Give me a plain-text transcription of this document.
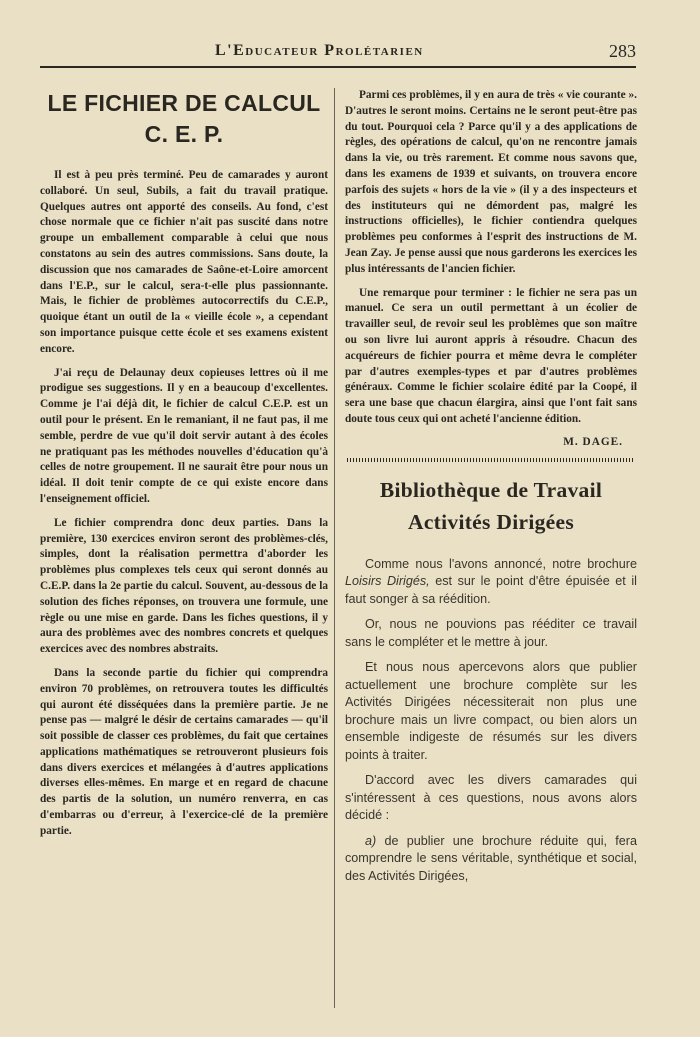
L'Educateur Prolétarien	283
LE FICHIER DE CALCUL
C. E. P.

Il est à peu près terminé. Peu de camarades y auront collaboré. Un seul, Subils, a fait du travail pratique. Quelques autres ont apporté des conseils. Au fond, c'est chose normale que ce fichier n'ait pas suscité dans notre groupe un emballement comparable à celui que nous constatons au sein des autres commissions. Sans doute, la discussion que nos camarades de Saône-et-Loire amorcent dans l'E.P., sur le calcul, sera-t-elle plus passionnante. Mais, le fichier de problèmes autocorrectifs du C.E.P., quoique étant un outil de la « vieille école », a cependant son importance puisque cette école et ses examens existent encore.

J'ai reçu de Delaunay deux copieuses lettres où il me prodigue ses suggestions. Il y en a beaucoup d'excellentes. Comme je l'ai déjà dit, le fichier de calcul C.E.P. est un outil pour le présent. En le remaniant, il ne faut pas, il me semble, perdre de vue qu'il doit servir autant à des écoles ne pratiquant pas les méthodes nouvelles d'éducation qu'à celles de notre groupement. Il ne saurait être pour nous un idéal. Il doit tenir compte de ce qui existe encore dans l'enseignement officiel.

Le fichier comprendra donc deux parties. Dans la première, 130 exercices environ seront des problèmes-clés, simples, dont la réalisation permettra d'aborder les problèmes plus complexes tels ceux qui seront donnés au C.E.P. dans la 2e partie du calcul. Souvent, au-dessous de la solution des fiches réponses, on trouvera une formule, une règle ou une mise en garde. Dans les fiches questions, il y aura des problèmes avec des nombres concrets et quelques exercices avec des nombres abstraits.

Dans la seconde partie du fichier qui comprendra environ 70 problèmes, on retrouvera toutes les difficultés qui auront été disséquées dans la première partie. Je ne pense pas — malgré le désir de certains camarades — qu'il soit possible de classer ces problèmes, du fait que certaines applications mathématiques se retrouveront plusieurs fois dans divers exercices et mélangées à d'autres applications diverses elles-mêmes. En marge et en regard de chacune des partis de la solution, un numéro renverra, en cas d'embarras ou d'erreur, à l'exercice-clé de la première partie.

Parmi ces problèmes, il y en aura de très « vie courante ». D'autres le seront moins. Certains ne le seront peut-être pas du tout. Pourquoi cela ? Parce qu'il y a des applications de règles, des opérations de calcul, qu'on ne rencontre jamais dans la vie, ou très rarement. Et comme nous savons que, dans les examens de 1939 et suivants, on trouvera encore parfois des sujets « hors de la vie » (il y a des inspecteurs et des instituteurs qui ne démordent pas, malgré les instructions officielles), le fichier contiendra quelques problèmes peu conformes à l'esprit des instructions de M. Jean Zay. Je pense aussi que nous garderons les exercices les plus intéressants de l'ancien fichier.

Une remarque pour terminer : le fichier ne sera pas un manuel. Ce sera un outil permettant à un écolier de travailler seul, de revoir seul les problèmes que son maître ou son livre lui auront appris à résoudre. Chacun des acquéreurs de fichier pourra et même devra le compléter par d'autres exemples-types et par d'autres problèmes généraux. Comme le fichier scolaire édité par la Coopé, il sera une base que chacun élargira, ainsi que l'ont fait sans doute tous ceux qui ont acheté l'ancienne édition.

M. DAGE.
Bibliothèque de Travail
Activités Dirigées

Comme nous l'avons annoncé, notre brochure Loisirs Dirigés, est sur le point d'être épuisée et il faut songer à sa réédition.

Or, nous ne pouvions pas rééditer ce travail sans le compléter et le mettre à jour.

Et nous nous apercevons alors que publier actuellement une brochure complète sur les Activités Dirigées nécessiterait non plus une brochure mais un livre compact, ou bien alors un ensemble indigeste de résumés sur les divers points à traiter.

D'accord avec les divers camarades qui s'intéressent à ces questions, nous avons alors décidé :

a) de publier une brochure réduite qui, fera comprendre le sens véritable, synthétique et social, des Activités Dirigées,
